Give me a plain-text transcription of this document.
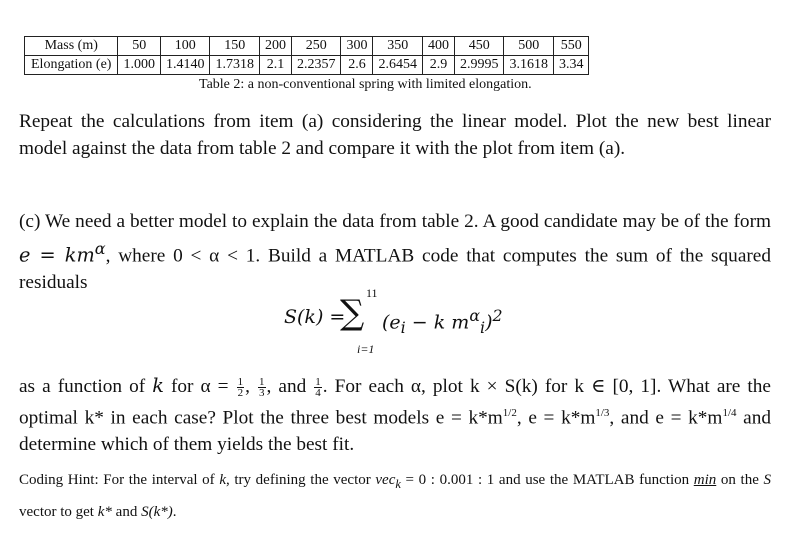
Mass (m)	50	100	150	200	250	300	350	400	450	500	550
Elongation (e)	1.000	1.4140	1.7318	2.1	2.2357	2.6	2.6454	2.9	2.9995	3.1618	3.34
Table 2: a non-conventional spring with limited elongation.
Repeat the calculations from item (a) considering the linear model. Plot the new best linear model against the data from table 2 and compare it with the plot from item (a).
(c) We need a better model to explain the data from table 2. A good candidate may be of the form $e = km^\alpha$, where 0 < α < 1. Build a MATLAB code that computes the sum of the squared residuals
S(k) =
11
∑
i=1
($e_i - k$ $m^\alpha_i)^2$
as a function of k for $\alpha = \frac{1}{2}$ , $\frac{1}{3}$ , and $\frac{1}{4}$ . For each α, plot k × S(k) for k ∈ [0, 1]. What are the optimal k* in each case? Plot the three best models $e = k*m^{1/2}$, $e = k*m^{1/3}$, and $e = k*m^{1/4}$ and determine which of them yields the best fit.
Coding Hint: For the interval of k, try defining the vector vec$_k$ = 0 : 0.001 : 1 and use the MATLAB function min on the S vector to get k* and S(k*).
